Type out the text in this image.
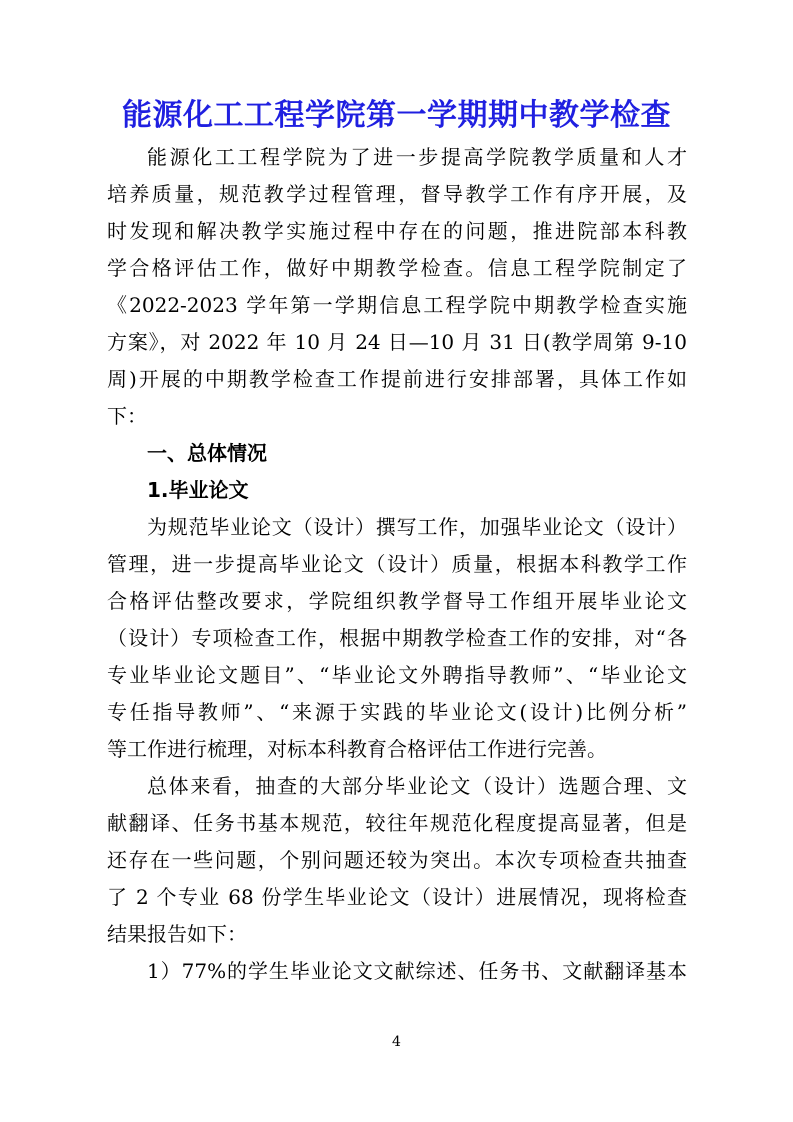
能源化工工程学院第一学期期中教学检查
能源化工工程学院为了进一步提高学院教学质量和人才
培养质量，规范教学过程管理，督导教学工作有序开展，及
时发现和解决教学实施过程中存在的问题，推进院部本科教
学合格评估工作，做好中期教学检查。信息工程学院制定了
《2022-2023 学年第一学期信息工程学院中期教学检查实施
方案》，对 2022 年 10 月 24 日—10 月 31 日(教学周第 9-10
周)开展的中期教学检查工作提前进行安排部署，具体工作如
下：
一、总体情况
1.毕业论文
为规范毕业论文（设计）撰写工作，加强毕业论文（设计）
管理，进一步提高毕业论文（设计）质量，根据本科教学工作
合格评估整改要求，学院组织教学督导工作组开展毕业论文
（设计）专项检查工作，根据中期教学检查工作的安排，对“各
专业毕业论文题目”、“毕业论文外聘指导教师”、“毕业论文
专任指导教师”、“来源于实践的毕业论文(设计)比例分析”
等工作进行梳理，对标本科教育合格评估工作进行完善。
总体来看，抽查的大部分毕业论文（设计）选题合理、文
献翻译、任务书基本规范，较往年规范化程度提高显著，但是
还存在一些问题，个别问题还较为突出。本次专项检查共抽查
了 2 个专业 68 份学生毕业论文（设计）进展情况，现将检查
结果报告如下：
1）77%的学生毕业论文文献综述、任务书、文献翻译基本
4
